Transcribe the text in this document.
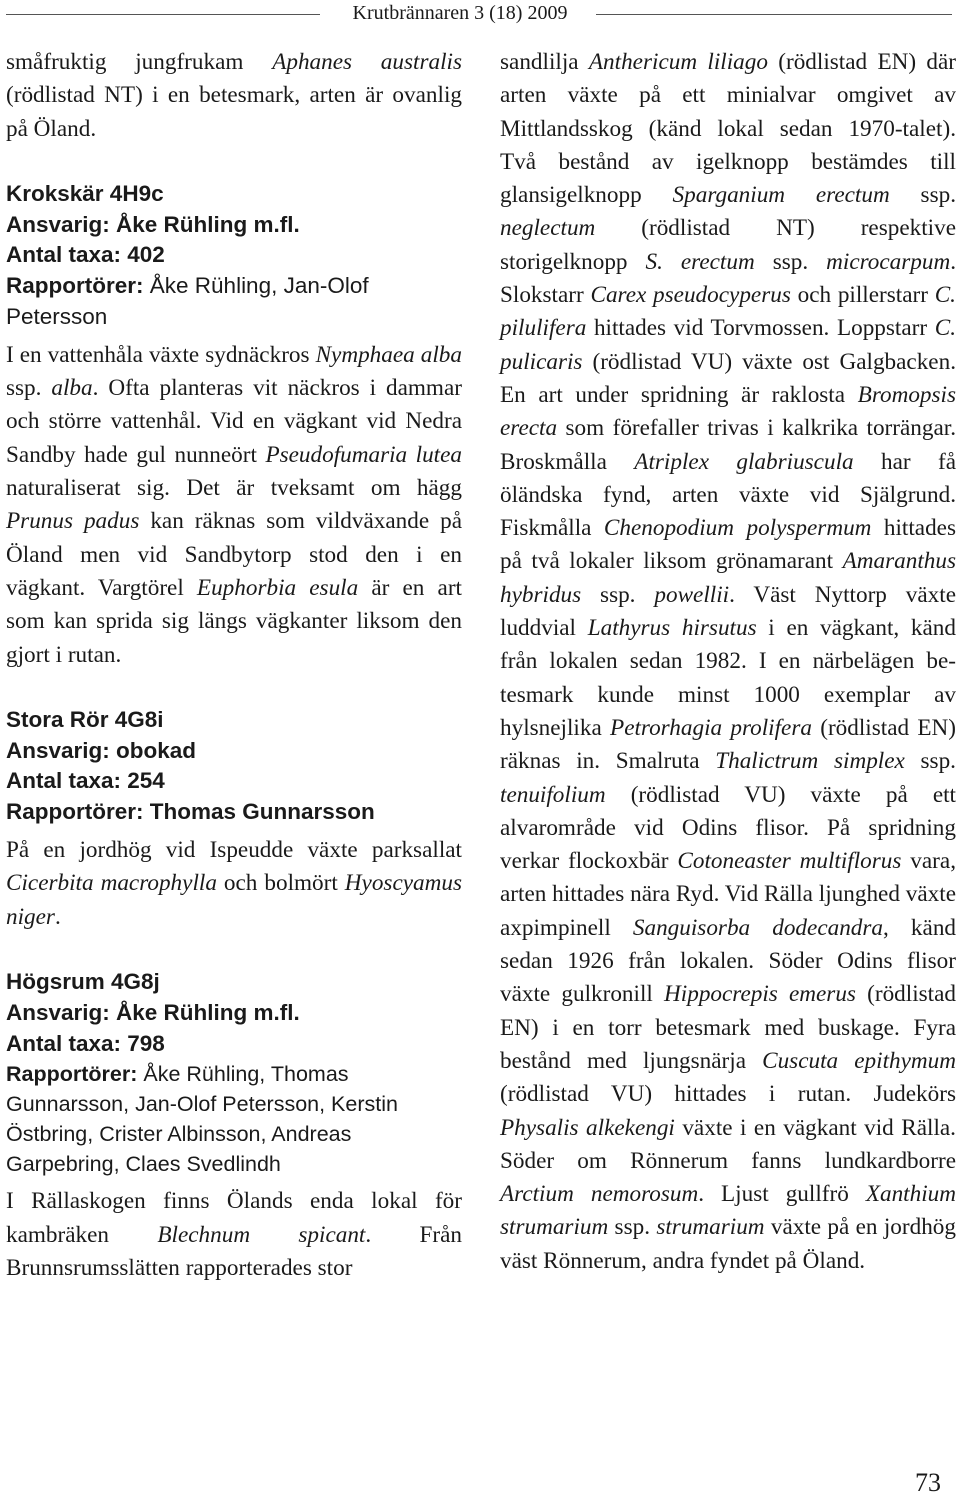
Krutbrännaren 3 (18) 2009

småfruktig jungfrukam Aphanes australis (rödlistad NT) i en betesmark, arten är ovanlig på Öland.

Krokskär 4H9c

Ansvarig: Åke Rühling m.fl.

Antal taxa: 402

Rapportörer: Åke Rühling, Jan-Olof Petersson

I en vattenhåla växte sydnäckros Nymphaea alba ssp. alba. Ofta planteras vit näckros i dammar och större vattenhål. Vid en vägkant vid Nedra Sandby hade gul nunneört Pseudofumaria lutea naturaliserat sig. Det är tveksamt om hägg Prunus padus kan räknas som vildväxande på Öland men vid Sandbytorp stod den i en vägkant. Vargtörel Euphorbia esula är en art som kan sprida sig längs vägkanter liksom den gjort i rutan.

Stora Rör 4G8i

Ansvarig: obokad

Antal taxa: 254

Rapportörer: Thomas Gunnarsson

På en jordhög vid Ispeudde växte parksallat Cicerbita macrophylla och bolmört Hyoscyamus niger.

Högsrum 4G8j

Ansvarig: Åke Rühling m.fl.

Antal taxa: 798

Rapportörer: Åke Rühling, Thomas Gunnarsson, Jan-Olof Petersson, Kerstin Östbring, Crister Albinsson, Andreas Garpebring, Claes Svedlindh

I Rällaskogen finns Ölands enda lokal för kambräken Blechnum spicant. Från Brunnsrumsslätten rapporterades stor

sandlilja Anthericum liliago (rödlistad EN) där arten växte på ett minialvar omgivet av Mittlandsskog (känd lokal sedan 1970-talet). Två bestånd av igelknopp bestämdes till glansigelknopp Sparganium erectum ssp. neglectum (rödlistad NT) respektive storigelknopp S. erectum ssp. microcarpum. Slokstarr Carex pseudocyperus och pillerstarr C. pilulifera hittades vid Torvmossen. Loppstarr C. pulicaris (rödlistad VU) växte ost Galgbacken. En art under spridning är raklosta Bromopsis erecta som förefaller trivas i kalkrika torrängar. Broskmålla Atriplex glabriuscula har få öländska fynd, arten växte vid Själgrund. Fiskmålla Chenopodium polyspermum hittades på två lokaler liksom grönamarant Amaranthus hybridus ssp. powellii. Väst Nyttorp växte luddvial Lathyrus hirsutus i en vägkant, känd från lokalen sedan 1982. I en närbelägen betesmark kunde minst 1000 exemplar av hylsnejlika Petrorhagia prolifera (rödlistad EN) räknas in. Smalruta Thalictrum simplex ssp. tenuifolium (rödlistad VU) växte på ett alvarområde vid Odins flisor. På spridning verkar flockoxbär Cotoneaster multiflorus vara, arten hittades nära Ryd. Vid Rälla ljunghed växte axpimpinell Sanguisorba dodecandra, känd sedan 1926 från lokalen. Söder Odins flisor växte gulkronill Hippocrepis emerus (rödlistad EN) i en torr betesmark med buskage. Fyra bestånd med ljungsnärja Cuscuta epithymum (rödlistad VU) hittades i rutan. Judekörs Physalis alkekengi växte i en vägkant vid Rälla. Söder om Rönnerum fanns lundkardborre Arctium nemorosum. Ljust gullfrö Xanthium strumarium ssp. strumarium växte på en jordhög väst Rönnerum, andra fyndet på Öland.

73
